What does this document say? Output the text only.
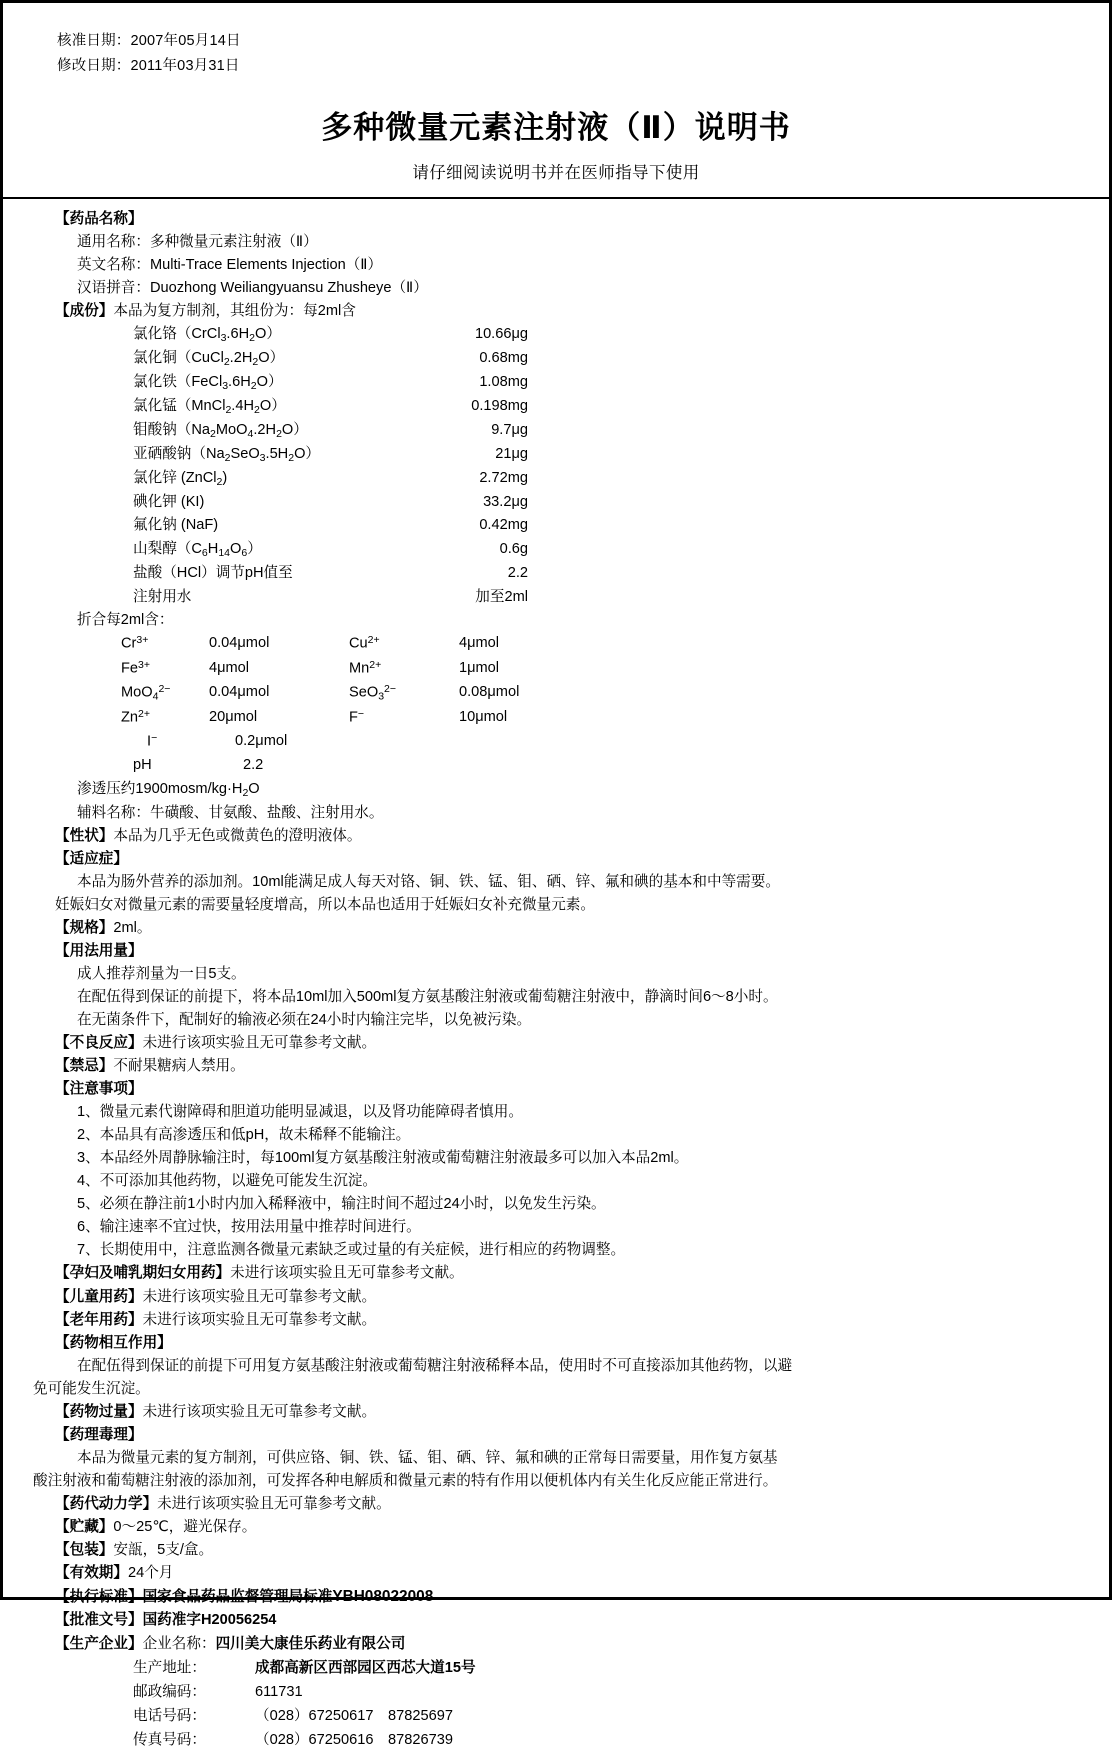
核准日期：2007年05月14日
修改日期：2011年03月31日
多种微量元素注射液（Ⅱ）说明书
请仔细阅读说明书并在医师指导下使用
【药品名称】
通用名称：多种微量元素注射液（Ⅱ）
英文名称：Multi-Trace Elements Injection（Ⅱ）
汉语拼音：Duozhong Weiliangyuansu Zhusheye（Ⅱ）
【成份】本品为复方制剂，其组份为：每2ml含
氯化铬$(CrCl_3.6H_2O)$	10.66μg
氯化铜$(CuCl_2.2H_2O)$	0.68mg
氯化铁$(FeCl_3.6H_2O)$	1.08mg
氯化锰$(MnCl_2.4H_2O)$	0.198mg
钼酸钠$(Na_2MoO_4.2H_2O)$	9.7μg
亚硒酸钠$(Na_2SeO_3.5H_2O)$	21μg
氯化锌 (ZnCl$_2$)	2.72mg
碘化钾 (KI)	33.2μg
氟化钠 (NaF)	0.42mg
山梨醇$(C_6H_{14}O_6)$	0.6g
盐酸（HCl）调节pH值至	2.2
注射用水	加至2ml
折合每2ml含：
$Cr^{3+}$	0.04μmol	$Cu^{2+}$	4μmol
$Fe^{3+}$	4μmol	$Mn^{2+}$	1μmol
MoO$_4^{2-}$	0.04μmol	SeO$_3^{2-}$	0.08μmol
$Zn^{2+}$	20μmol	F−	10μmol
I−	0.2μmol
pH	2.2
渗透压约$1900mosm/kg\cdot H_2O$
辅料名称：牛磺酸、甘氨酸、盐酸、注射用水。
【性状】本品为几乎无色或微黄色的澄明液体。
【适应症】
本品为肠外营养的添加剂。10ml能满足成人每天对铬、铜、铁、锰、钼、硒、锌、氟和碘的基本和中等需要。
妊娠妇女对微量元素的需要量轻度增高，所以本品也适用于妊娠妇女补充微量元素。
【规格】2ml。
【用法用量】
成人推荐剂量为一日5支。
在配伍得到保证的前提下，将本品10ml加入500ml复方氨基酸注射液或葡萄糖注射液中，静滴时间6～8小时。
在无菌条件下，配制好的输液必须在24小时内输注完毕，以免被污染。
【不良反应】未进行该项实验且无可靠参考文献。
【禁忌】不耐果糖病人禁用。
【注意事项】
1、微量元素代谢障碍和胆道功能明显减退，以及肾功能障碍者慎用。
2、本品具有高渗透压和低pH，故未稀释不能输注。
3、本品经外周静脉输注时，每100ml复方氨基酸注射液或葡萄糖注射液最多可以加入本品2ml。
4、不可添加其他药物，以避免可能发生沉淀。
5、必须在静注前1小时内加入稀释液中，输注时间不超过24小时，以免发生污染。
6、输注速率不宜过快，按用法用量中推荐时间进行。
7、长期使用中，注意监测各微量元素缺乏或过量的有关症候，进行相应的药物调整。
【孕妇及哺乳期妇女用药】未进行该项实验且无可靠参考文献。
【儿童用药】未进行该项实验且无可靠参考文献。
【老年用药】未进行该项实验且无可靠参考文献。
【药物相互作用】
在配伍得到保证的前提下可用复方氨基酸注射液或葡萄糖注射液稀释本品，使用时不可直接添加其他药物，以避
免可能发生沉淀。
【药物过量】未进行该项实验且无可靠参考文献。
【药理毒理】
本品为微量元素的复方制剂，可供应铬、铜、铁、锰、钼、硒、锌、氟和碘的正常每日需要量，用作复方氨基
酸注射液和葡萄糖注射液的添加剂，可发挥各种电解质和微量元素的特有作用以便机体内有关生化反应能正常进行。
【药代动力学】未进行该项实验且无可靠参考文献。
【贮藏】0～25℃，避光保存。
【包装】安瓿，5支/盒。
【有效期】24个月
【执行标准】国家食品药品监督管理局标准YBH08022008
【批准文号】国药准字H20056254
【生产企业】企业名称：四川美大康佳乐药业有限公司
生产地址：	成都高新区西部园区西芯大道15号
邮政编码：	611731
电话号码：	（028）67250617　87825697
传真号码：	（028）67250616　87826739
